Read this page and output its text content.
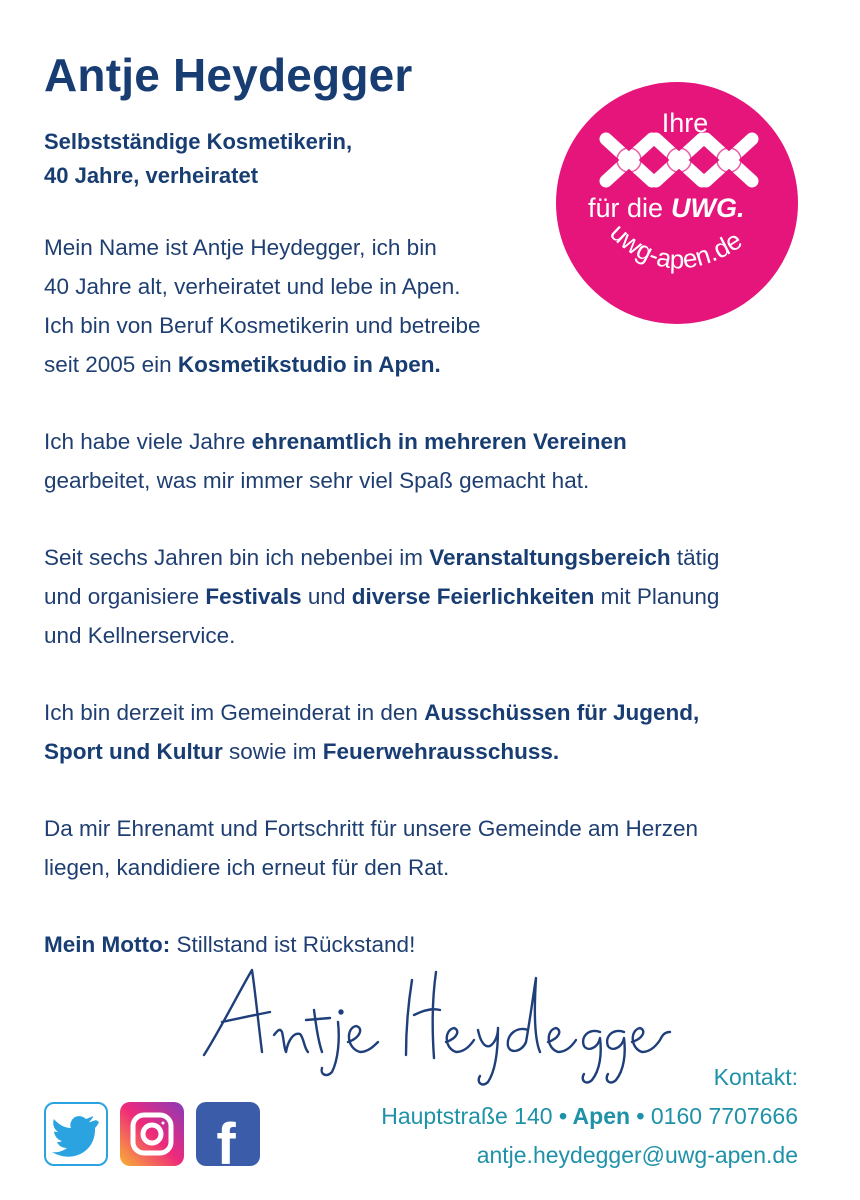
Antje Heydegger
Selbstständige Kosmetikerin,
40 Jahre, verheiratet
Ihre
für die UWG.
uwg-apen.de

Mein Name ist Antje Heydegger, ich bin
40 Jahre alt, verheiratet und lebe in Apen.
Ich bin von Beruf Kosmetikerin und betreibe
seit 2005 ein Kosmetikstudio in Apen.

Ich habe viele Jahre ehrenamtlich in mehreren Vereinen
gearbeitet, was mir immer sehr viel Spaß gemacht hat.

Seit sechs Jahren bin ich nebenbei im Veranstaltungsbereich tätig
und organisiere Festivals und diverse Feierlichkeiten mit Planung
und Kellnerservice.

Ich bin derzeit im Gemeinderat in den Ausschüssen für Jugend,
Sport und Kultur sowie im Feuerwehrausschuss.

Da mir Ehrenamt und Fortschritt für unsere Gemeinde am Herzen
liegen, kandidiere ich erneut für den Rat.

Mein Motto: Stillstand ist Rückstand!

f
Kontakt:
Hauptstraße 140 • Apen • 0160 7707666
antje.heydegger@uwg-apen.de
